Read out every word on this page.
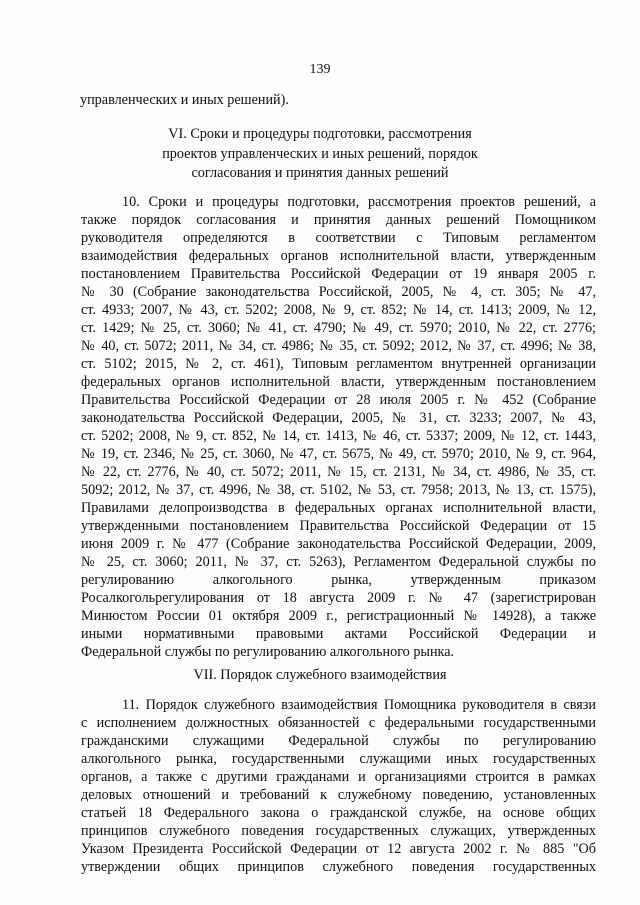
139
управленческих и иных решений).
VI. Сроки и процедуры подготовки, рассмотрения
проектов управленческих и иных решений, порядок
согласования и принятия данных решений
10. Сроки и процедуры подготовки, рассмотрения проектов решений, а
также порядок согласования и принятия данных решений Помощником
руководителя определяются в соответствии с Типовым регламентом
взаимодействия федеральных органов исполнительной власти, утвержденным
постановлением Правительства Российской Федерации от 19 января 2005 г.
№ 30 (Собрание законодательства Российской, 2005, № 4, ст. 305; № 47,
ст. 4933; 2007, № 43, ст. 5202; 2008, № 9, ст. 852; № 14, ст. 1413; 2009, № 12,
ст. 1429; № 25, ст. 3060; № 41, ст. 4790; № 49, ст. 5970; 2010, № 22, ст. 2776;
№ 40, ст. 5072; 2011, № 34, ст. 4986; № 35, ст. 5092; 2012, № 37, ст. 4996; № 38,
ст. 5102; 2015, № 2, ст. 461), Типовым регламентом внутренней организации
федеральных органов исполнительной власти, утвержденным постановлением
Правительства Российской Федерации от 28 июля 2005 г. № 452 (Собрание
законодательства Российской Федерации, 2005, № 31, ст. 3233; 2007, № 43,
ст. 5202; 2008, № 9, ст. 852, № 14, ст. 1413, № 46, ст. 5337; 2009, № 12, ст. 1443,
№ 19, ст. 2346, № 25, ст. 3060, № 47, ст. 5675, № 49, ст. 5970; 2010, № 9, ст. 964,
№ 22, ст. 2776, № 40, ст. 5072; 2011, № 15, ст. 2131, № 34, ст. 4986, № 35, ст.
5092; 2012, № 37, ст. 4996, № 38, ст. 5102, № 53, ст. 7958; 2013, № 13, ст. 1575),
Правилами делопроизводства в федеральных органах исполнительной власти,
утвержденными постановлением Правительства Российской Федерации от 15
июня 2009 г. № 477 (Собрание законодательства Российской Федерации, 2009,
№ 25, ст. 3060; 2011, № 37, ст. 5263), Регламентом Федеральной службы по
регулированию алкогольного рынка, утвержденным приказом
Росалкогольрегулирования от 18 августа 2009 г. № 47 (зарегистрирован
Минюстом России 01 октября 2009 г., регистрационный № 14928), а также
иными нормативными правовыми актами Российской Федерации и
Федеральной службы по регулированию алкогольного рынка.
VII. Порядок служебного взаимодействия
11. Порядок служебного взаимодействия Помощника руководителя в связи
с исполнением должностных обязанностей с федеральными государственными
гражданскими служащими Федеральной службы по регулированию
алкогольного рынка, государственными служащими иных государственных
органов, а также с другими гражданами и организациями строится в рамках
деловых отношений и требований к служебному поведению, установленных
статьей 18 Федерального закона о гражданской службе, на основе общих
принципов служебного поведения государственных служащих, утвержденных
Указом Президента Российской Федерации от 12 августа 2002 г. № 885 "Об
утверждении общих принципов служебного поведения государственных
